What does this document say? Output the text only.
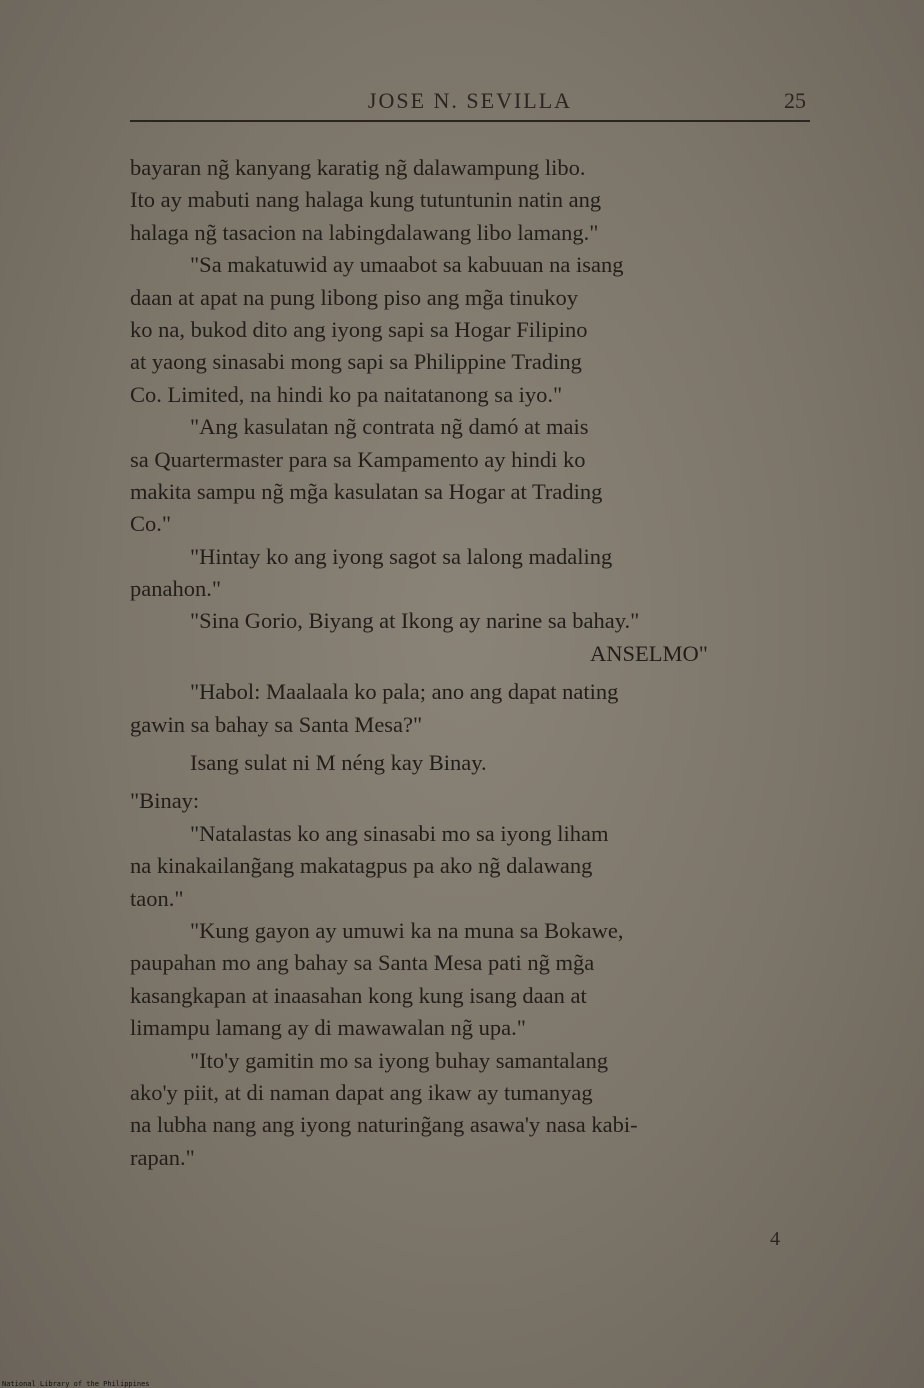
JOSE N. SEVILLA	25
bayaran ng̃ kanyang karatig ng̃ dalawampung libo.
Ito ay mabuti nang halaga kung tutuntunin natin ang
halaga ng̃ tasacion na labingdalawang libo lamang."
"Sa makatuwid ay umaabot sa kabuuan na isang
daan at apat na pung libong piso ang mg̃a tinukoy
ko na, bukod dito ang iyong sapi sa Hogar Filipino
at yaong sinasabi mong sapi sa Philippine Trading
Co. Limited, na hindi ko pa naitatanong sa iyo."
"Ang kasulatan ng̃ contrata ng̃ damó at mais
sa Quartermaster para sa Kampamento ay hindi ko
makita sampu ng̃ mg̃a kasulatan sa Hogar at Trading
Co."
"Hintay ko ang iyong sagot sa lalong madaling
panahon."
"Sina Gorio, Biyang at Ikong ay narine sa bahay."
ANSELMO"
"Habol: Maalaala ko pala; ano ang dapat nating
gawin sa bahay sa Santa Mesa?"
Isang sulat ni M néng kay Binay.
"Binay:
"Natalastas ko ang sinasabi mo sa iyong liham
na kinakailang̃ang makatagpus pa ako ng̃ dalawang
taon."
"Kung gayon ay umuwi ka na muna sa Bokawe,
paupahan mo ang bahay sa Santa Mesa pati ng̃ mg̃a
kasangkapan at inaasahan kong kung isang daan at
limampu lamang ay di mawawalan ng̃ upa."
"Ito'y gamitin mo sa iyong buhay samantalang
ako'y piit, at di naman dapat ang ikaw ay tumanyag
na lubha nang ang iyong naturing̃ang asawa'y nasa kabi-
rapan."
4
National Library of the Philippines
